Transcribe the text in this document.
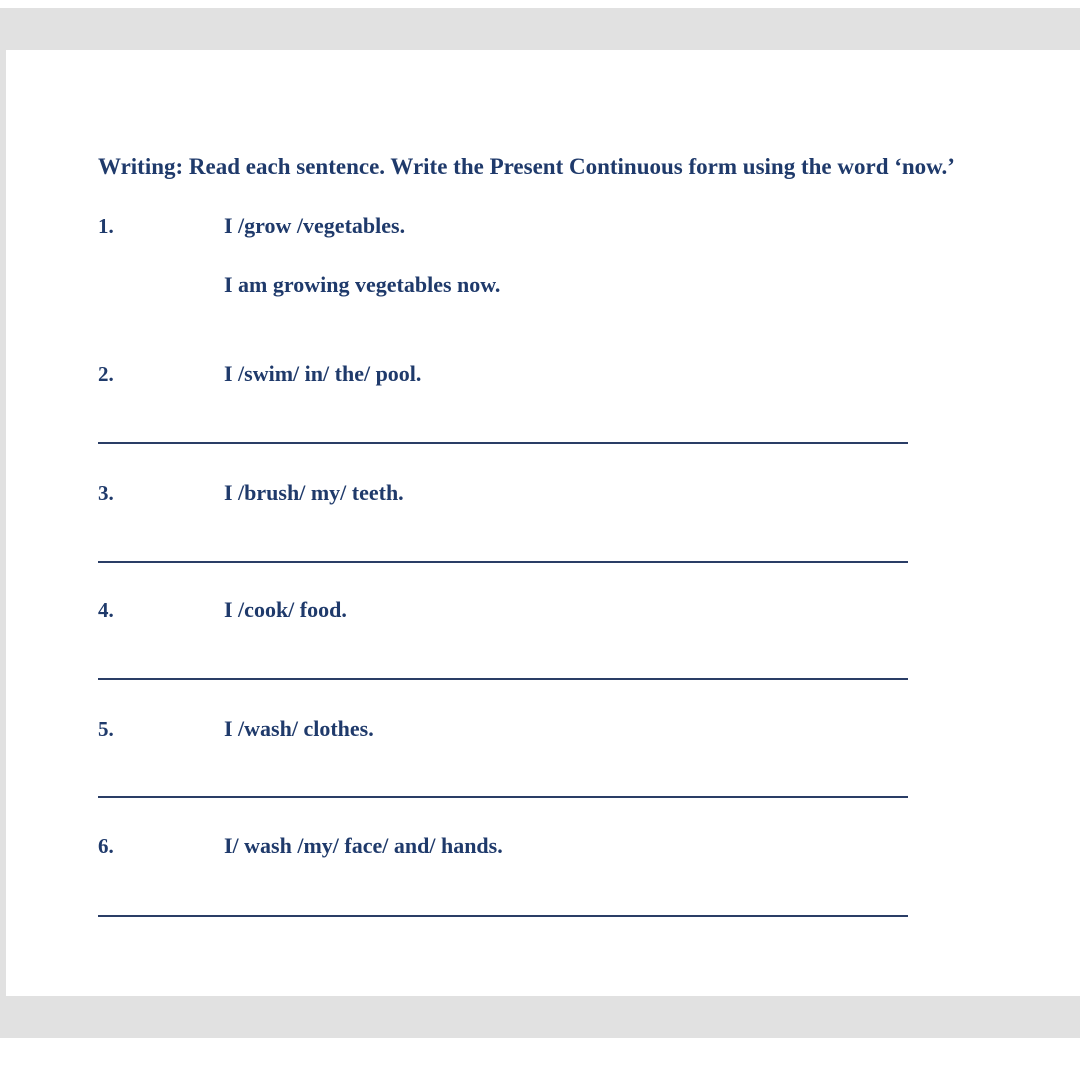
Writing: Read each sentence. Write the Present Continuous form using the word ‘now.’
1.	I /grow /vegetables.
I am growing vegetables now.
2.	I /swim/ in/ the/ pool.
3.	I /brush/ my/ teeth.
4.	I /cook/ food.
5.	I /wash/ clothes.
6.	I/ wash /my/ face/ and/ hands.
